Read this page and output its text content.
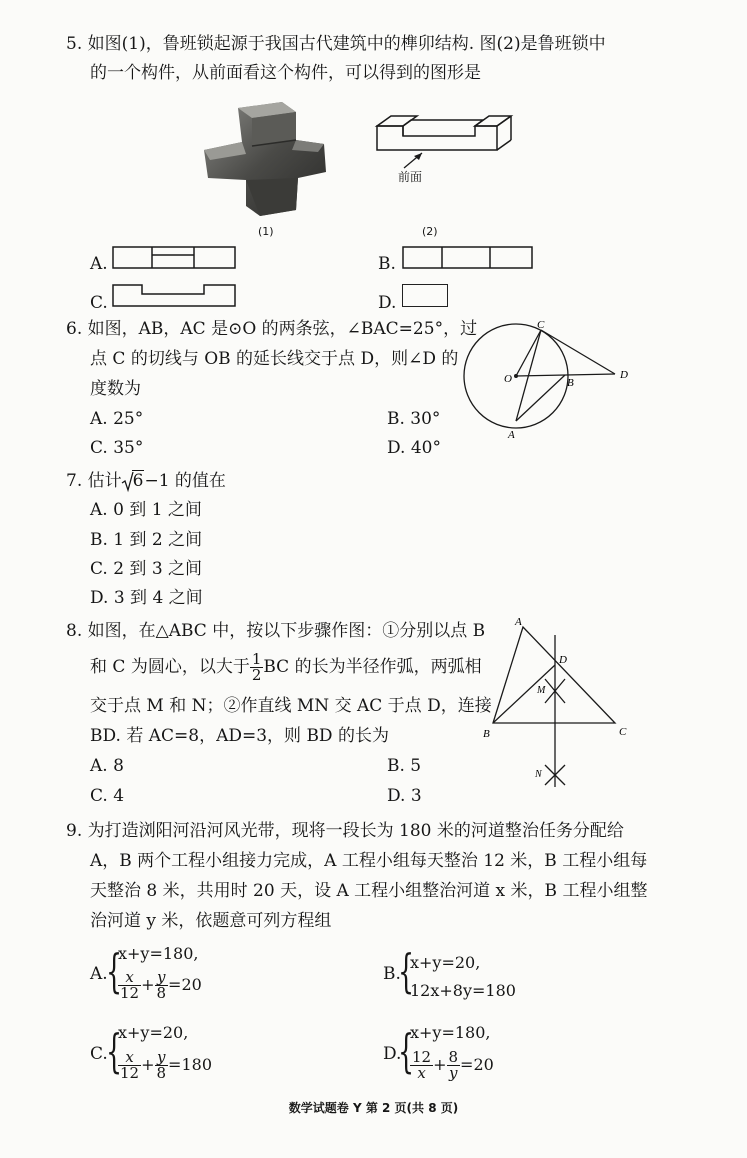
5. 如图(1)，鲁班锁起源于我国古代建筑中的榫卯结构. 图(2)是鲁班锁中
的一个构件，从前面看这个构件，可以得到的图形是
(1)
前面
(2)
A.	B.
C.	D.
6. 如图，AB，AC 是⊙O 的两条弦，∠BAC=25°，过
点 C 的切线与 OB 的延长线交于点 D，则∠D 的
度数为
A. 25°	B. 30°
C. 35°	D. 40°
C
O	B
D
A
7. 估计 6−1 的值在
A. 0 到 1 之间
B. 1 到 2 之间
C. 2 到 3 之间
D. 3 到 4 之间
8. 如图，在△ABC 中，按以下步骤作图：①分别以点 B
和 C 为圆心，以大于 $\frac{1}{2}$ BC 的长为半径作弧，两弧相
交于点 M 和 N；②作直线 MN 交 AC 于点 D，连接
BD. 若 AC=8，AD=3，则 BD 的长为
A. 8	B. 5
C. 4	D. 3
A
D
M
B	C
N
9. 为打造浏阳河沿河风光带，现将一段长为 180 米的河道整治任务分配给
A，B 两个工程小组接力完成，A 工程小组每天整治 12 米，B 工程小组每
天整治 8 米，共用时 20 天，设 A 工程小组整治河道 x 米，B 工程小组整
治河道 y 米，依题意可列方程组
A.
{
x+y=180,
$\frac{x}{12} + \frac{y}{8} =20$
B.
{
x+y=20,
12x+8y=180
C.
{
x+y=20,
$\frac{x}{12} + \frac{y}{8} =180$
D.
{
x+y=180,
$\frac{12}{x} + \frac{8}{y} =20$
数学试题卷 Y 第 2 页(共 8 页)
